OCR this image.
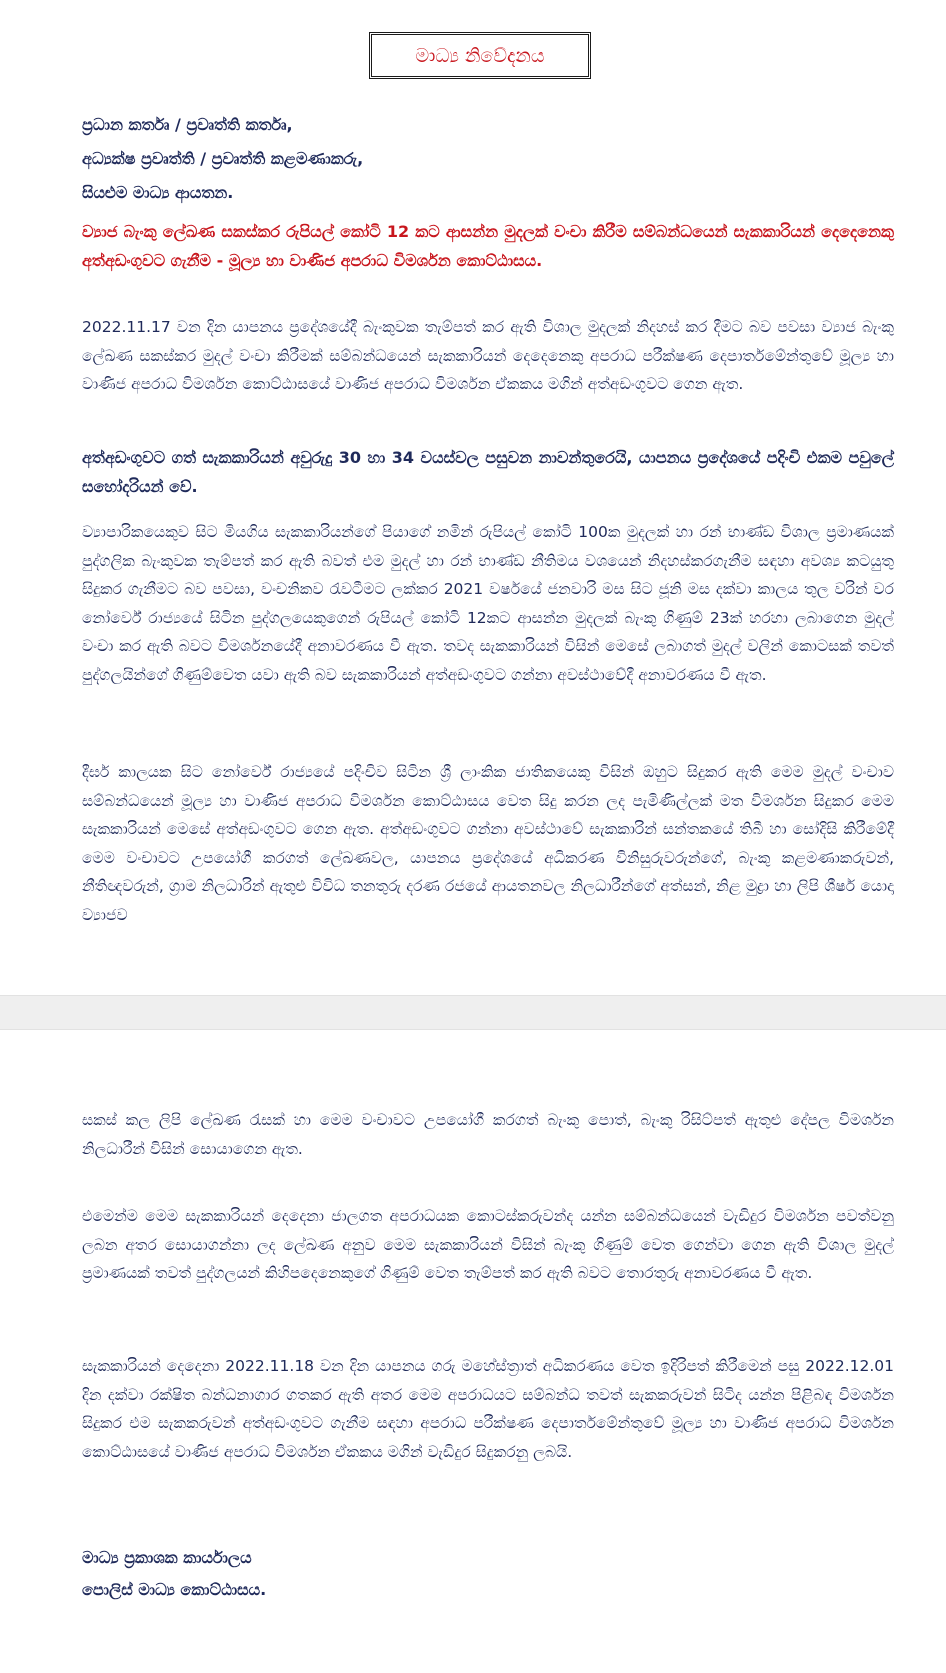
මාධ්‍ය නිවේදනය

ප්‍රධාන කර්තෘ / ප්‍රවෘත්ති කර්තෘ,

අධ්‍යක්ෂ ප්‍රවෘත්ති / ප්‍රවෘත්ති කළමණාකරු,

සියළුම මාධ්‍ය ආයතන.

ව්‍යාජ බැංකු ලේඛණ සකස්කර රුපියල් කෝටි 12 කට ආසන්න මුදලක් වංචා කිරීම සම්බන්ධයෙන් සැකකාරියන් දෙදෙනෙකු අත්අඩංගුවට ගැනීම - මූල්‍ය හා වාණිජ අපරාධ විමර්ශන කොට්ඨාසය.

2022.11.17 වන දින යාපනය ප්‍රදේශයේදී බැංකුවක තැම්පත් කර ඇති විශාල මුදලක් නිදහස් කර දීමට බව පවසා ව්‍යාජ බැංකු ලේඛණ සකස්කර මුදල් වංචා කිරීමක් සම්බන්ධයෙන් සැකකාරියන් දෙදෙනෙකු අපරාධ පරීක්ෂණ දෙපාර්තමේන්තුවේ මූල්‍ය හා වාණිජ අපරාධ විමර්ශන කොට්ඨාසයේ වාණිජ අපරාධ විමර්ශන ඒකකය මගින් අත්අඩංගුවට ගෙන ඇත.

අත්අඩංගුවට ගත් සැකකාරියන් අවුරුදු 30 හා 34 වයස්වල පසුවන නාවන්තුරෙයි, යාපනය ප්‍රදේශයේ පදිංචි එකම පවුලේ සහෝදරියන් වේ.

ව්‍යාපාරිකයෙකුව සිට මියගිය සැකකාරියන්ගේ පියාගේ නමින් රුපියල් කෝටි 100ක මුදලක් හා රන් භාණ්ඩ විශාල ප්‍රමාණයක් පුද්ගලික බැංකුවක තැම්පත් කර ඇති බවත් එම මුදල් හා රන් භාණ්ඩ නීතිමය වශයෙන් නිදහස්කරගැනීම සඳහා අවශ්‍ය කටයුතු සිදුකර ගැනීමට බව පවසා, වංචනිකව රැවටීමට ලක්කර 2021 වර්ෂයේ ජනවාරි මස සිට ජූනි මස දක්වා කාලය තුල වරින් වර නෝර්වේ රාජ්‍යයේ සිටින පුද්ගලයෙකුගෙන් රුපියල් කෝටි 12කට ආසන්න මුදලක් බැංකු ගිණුම් 23ක් හරහා ලබාගෙන මුදල් වංචා කර ඇති බවට විමර්ශනයේදී අනාවරණය වී ඇත. තවද සැකකාරියන් විසින් මෙසේ ලබාගත් මුදල් වලින් කොටසක් තවත් පුද්ගලයින්ගේ ගිණුම්වෙත යවා ඇති බව සැකකාරියන් අත්අඩංගුවට ගන්නා අවස්ථාවේදී අනාවරණය වී ඇත.

දීර්ඝ කාලයක සිට නෝර්වේ රාජ්‍යයේ පදිංචිව සිටින ශ්‍රී ලාංකික ජාතිකයෙකු විසින් ඔහුට සිදුකර ඇති මෙම මුදල් වංචාව සම්බන්ධයෙන් මූල්‍ය හා වාණිජ අපරාධ විමර්ශන කොට්ඨාසය වෙත සිදු කරන ලද පැමිණිල්ලක් මත විමර්ශන සිදුකර මෙම සැකකාරියන් මෙසේ අත්අඩංගුවට ගෙන ඇත. අත්අඩංගුවට ගන්නා අවස්ථාවේ සැකකාරින් සන්තකයේ තිබී හා සෝදිසි කිරීමේදී මෙම වංචාවට උපයෝගී කරගත් ලේඛණවල, යාපනය ප්‍රදේශයේ අධිකරණ විනිසුරුවරුන්ගේ, බැංකු කළමණාකරුවන්, නීතිඥවරුන්, ග්‍රාම නිලධාරින් ඇතුළු විවිධ තනතුරු දරණ රජයේ ආයතනවල නිලධාරීන්ගේ අත්සන්, නිළ මුද්‍රා හා ලිපි ශීර්ෂ යොදා ව්‍යාජව

සකස් කල ලිපි ලේඛණ රැසක් හා මෙම වංචාවට උපයෝගී කරගත් බැංකු පොත්, බැංකු රිසිට්පත් ඇතුළු දේපල විමර්ශන නිලධාරීන් විසින් සොයාගෙන ඇත.

එමෙන්ම මෙම සැකකාරියන් දෙදෙනා ජාලගත අපරාධයක කොටස්කරුවන්ද යන්න සම්බන්ධයෙන් වැඩිදුර විමර්ශන පවත්වනු ලබන අතර සොයාගන්නා ලද ලේඛණ අනුව මෙම සැකකාරියන් විසින් බැංකු ගිණුම් වෙත ගෙන්වා ගෙන ඇති විශාල මුදල් ප්‍රමාණයක් තවත් පුද්ගලයන් කිහිපදෙනෙකුගේ ගිණුම් වෙත තැම්පත් කර ඇති බවට තොරතුරු අනාවරණය වී ඇත.

සැකකාරියන් දෙදෙනා 2022.11.18 වන දින යාපනය ගරු මහේස්ත්‍රාත් අධිකරණය වෙත ඉදිරිපත් කිරීමෙන් පසු 2022.12.01 දින දක්වා රක්ෂිත බන්ධනාගාර ගතකර ඇති අතර මෙම අපරාධයට සම්බන්ධ තවත් සැකකරුවන් සිටිද යන්න පිළිබඳ විමර්ශන සිදුකර එම සැකකරුවන් අත්අඩංගුවට ගැනීම සඳහා අපරාධ පරීක්ෂණ දෙපාර්තමේන්තුවේ මූල්‍ය හා වාණිජ අපරාධ විමර්ශන කොට්ඨාසයේ වාණිජ අපරාධ විමර්ශන ඒකකය මගින් වැඩිදුර සිදුකරනු ලබයි.

මාධ්‍ය ප්‍රකාශක කාර්යාලය

පොලිස් මාධ්‍ය කොට්ඨාසය.
